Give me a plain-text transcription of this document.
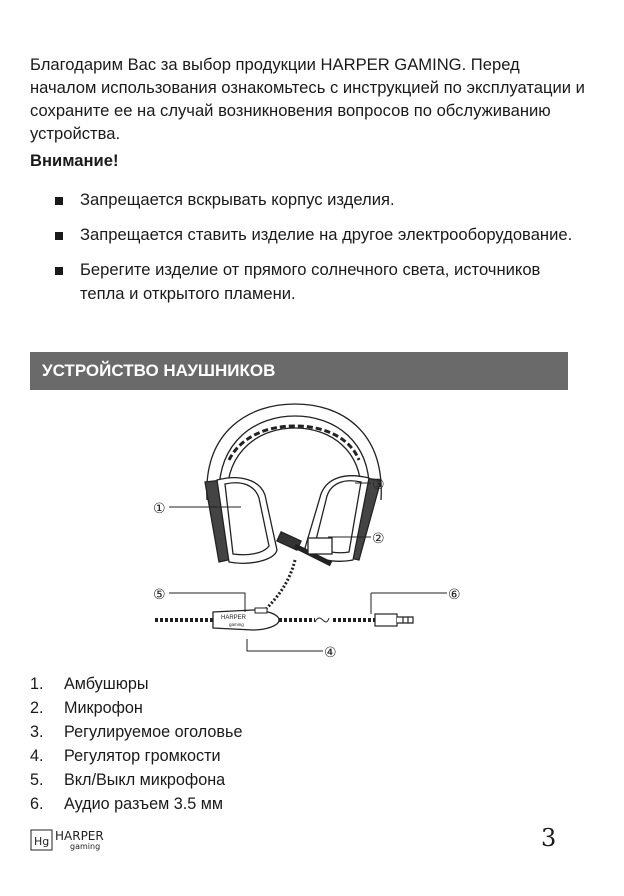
Благодарим Вас за выбор продукции HARPER GAMING. Перед началом использования ознакомьтесь с инструкцией по эксплуатации и сохраните ее на случай возникновения вопросов по обслуживанию устройства.

Внимание!

Запрещается вскрывать корпус изделия.
Запрещается ставить изделие на другое электрооборудование.
Берегите изделие от прямого солнечного света, источников тепла и открытого пламени.
УСТРОЙСТВО НАУШНИКОВ
HARPER
gaming
①
②
③
④
⑤	⑥
1. Амбушюры
2. Микрофон
3. Регулируемое оголовье
4. Регулятор громкости
5. Вкл/Выкл микрофона
6. Аудио разъем 3.5 мм
Hg HARPER
gaming	3
